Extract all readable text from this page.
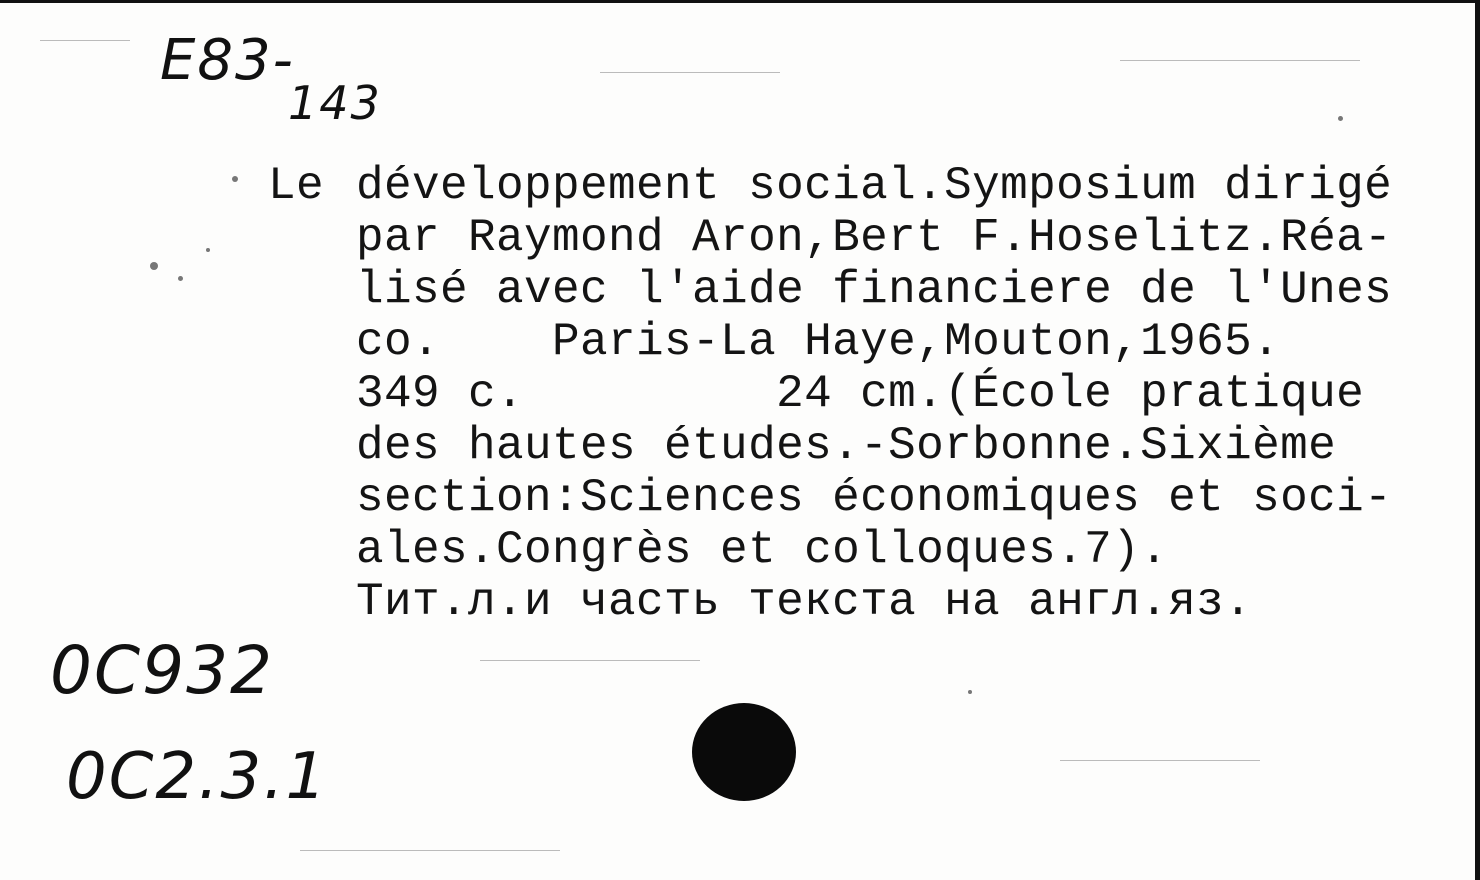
E83-
143
Le développement social.Symposium dirigé
par Raymond Aron,Bert F.Hoselitz.Réa-
lisé avec l'aide financiere de l'Unes
co.    Paris-La Haye,Mouton,1965.
349 c.         24 cm.(École pratique
des hautes études.-Sorbonne.Sixième
section:Sciences économiques et soci-
ales.Congrès et colloques.7).
Тит.л.и часть текста на англ.яз.
0C932
0C2.3.1
